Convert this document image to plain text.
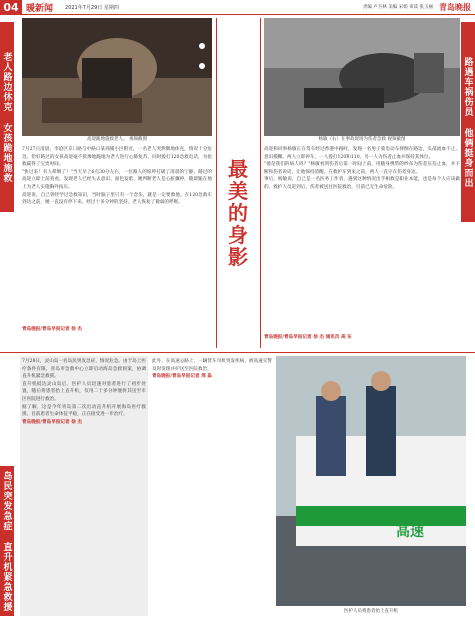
04 暖新闻 2021年7月29日 星期四	责编 卢丕林 美编 宋娟 审读 张玉丽 青岛晚报
老人路边休克 女孩跪地施救	高迎跪地施救老人。 视频截图
7月27日清晨，李沧区京口路与中路口某商铺小区附近，一名老人突然倒地休克，情况十分危急。恰好路过的女孩高迎毫不犹豫地跪地为老人进行心肺复苏，同时拨打120急救电话，为抢救赢得了宝贵时间。
"快过来！有人晕倒了！"当天早上6点30分左右，一位路人的惊呼打破了清晨的宁静。路过的高迎立即上前查看，发现老人已经失去意识、面色发紫，她判断老人是心脏骤停，随即跪在地上为老人实施胸外按压。
高迎说，自己曾经学过急救知识，当时脑子里只有一个念头，就是一定要救他。在120急救车到达之前，她一直没有停下来。经过十多分钟的坚持，老人恢复了微弱的呼吸。
青岛晚报/青岛早报记者 徐 杰
最美的身影
路遇车祸伤员 他俩挺身而出
杨敏（右）在事故现场为伤者急救 视频截图
高迎和同事杨敏正在驾车经过香港中路时，发现一名男子骑电动车摔倒在路边，头部流血不止，意识模糊。两人立即停车，一人拨打120和110，另一人为伤者止血并保持其体位。
"他是我们的病人吗？"杨敏看到伤者后第一时间上前，用随身携带的纱布为伤者压迫止血，并不断和伤者说话，让他保持清醒。在救护车到来之前，两人一直守在伤者身边。
事后，杨敏说，自己是一名医务工作者，遇到这种情况出手相救是职业本能，也是每个人应该做的。救护人员赶到后，伤者被送往医院救治，目前已无生命危险。
青岛晚报/青岛早报记者 徐 杰 通讯员 高 东
岛民突发急症 直升机紧急救援
7月28日，灵山岛一名岛民突发急症，情况危急。由于岛上医疗条件有限，青岛市急救中心立即启动海岛急救预案，协调直升机紧急救援。
直升机抵达灵山岛后，医护人员迅速对患者进行了初步处置，随后将患者抬上直升机，仅用二十多分钟便将其送至市区医院进行救治。
据了解，这是今年青岛第二次出动直升机开展海岛医疗救援。目前患者生命体征平稳，正在接受进一步治疗。
青岛晚报/青岛早报记者 徐 杰
此外，在高速公路上，一辆货车司机突发疾病，被高速交警及时发现并护送至医院救治。
青岛晚报/青岛早报记者 周 淼
高速
医护人员将患者抬上直升机
